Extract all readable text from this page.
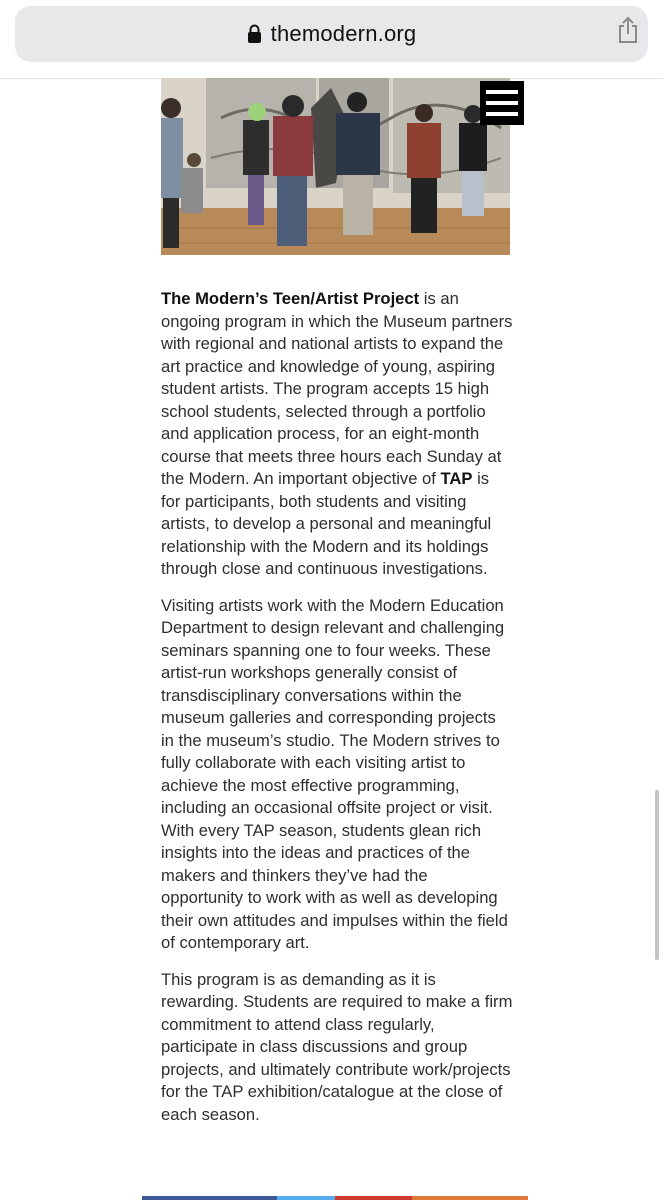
themodern.org

The Modern’s Teen/Artist Project is an ongoing program in which the Museum partners with regional and national artists to expand the art practice and knowledge of young, aspiring student artists. The program accepts 15 high school students, selected through a portfolio and application process, for an eight-month course that meets three hours each Sunday at the Modern. An important objective of TAP is for participants, both students and visiting artists, to develop a personal and meaningful relationship with the Modern and its holdings through close and continuous investigations.

Visiting artists work with the Modern Education Department to design relevant and challenging seminars spanning one to four weeks. These artist-run workshops generally consist of transdisciplinary conversations within the museum galleries and corresponding projects in the museum’s studio. The Modern strives to fully collaborate with each visiting artist to achieve the most effective programming, including an occasional offsite project or visit. With every TAP season, students glean rich insights into the ideas and practices of the makers and thinkers they’ve had the opportunity to work with as well as developing their own attitudes and impulses within the field of contemporary art.

This program is as demanding as it is rewarding. Students are required to make a firm commitment to attend class regularly, participate in class discussions and group projects, and ultimately contribute work/projects for the TAP exhibition/catalogue at the close of each season.
